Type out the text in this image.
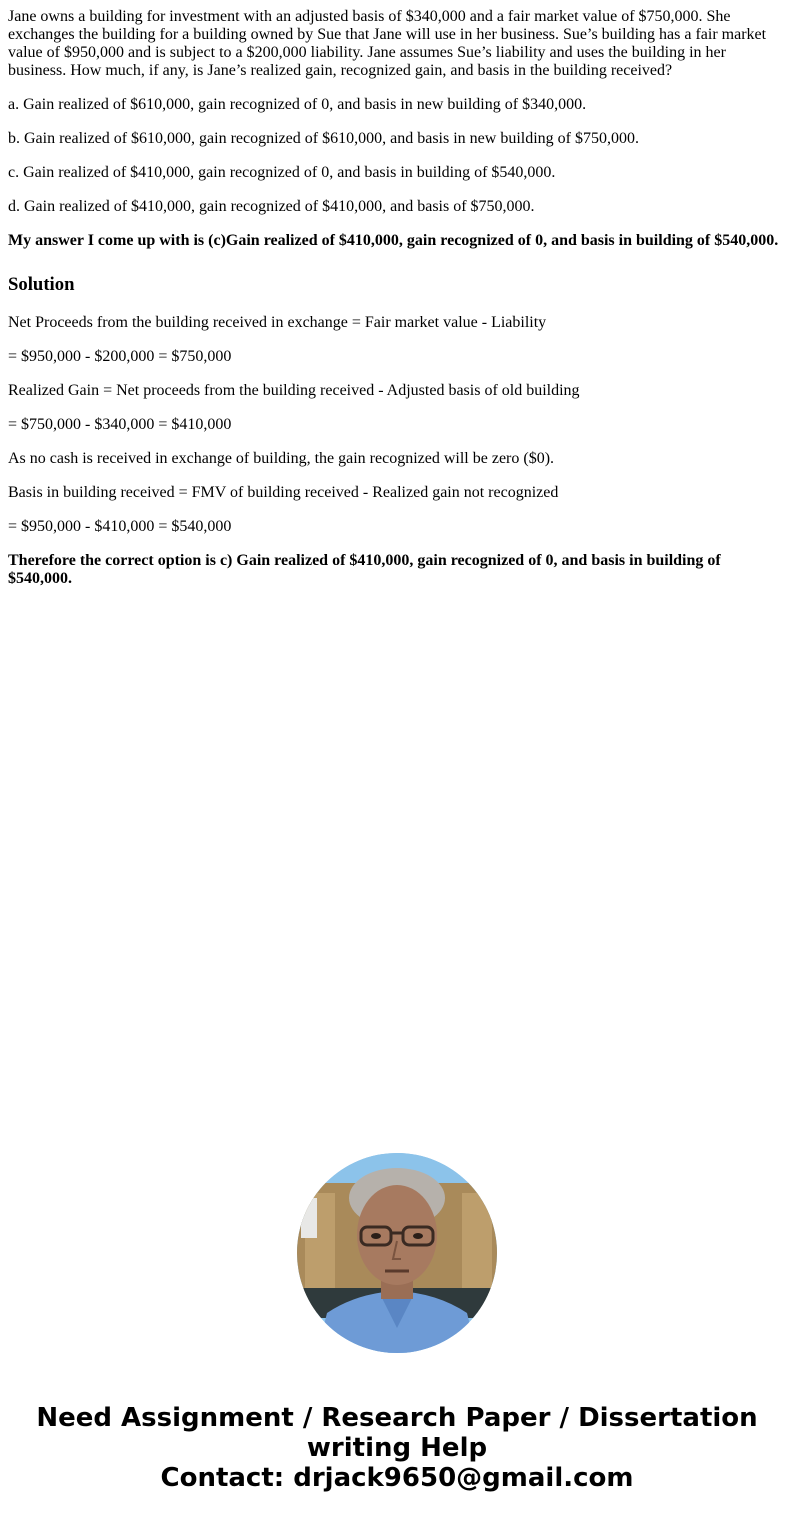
Jane owns a building for investment with an adjusted basis of $340,000 and a fair market value of $750,000. She exchanges the building for a building owned by Sue that Jane will use in her business. Sue’s building has a fair market value of $950,000 and is subject to a $200,000 liability. Jane assumes Sue’s liability and uses the building in her business. How much, if any, is Jane’s realized gain, recognized gain, and basis in the building received?

a. Gain realized of $610,000, gain recognized of 0, and basis in new building of $340,000.

b. Gain realized of $610,000, gain recognized of $610,000, and basis in new building of $750,000.

c. Gain realized of $410,000, gain recognized of 0, and basis in building of $540,000.

d. Gain realized of $410,000, gain recognized of $410,000, and basis of $750,000.

My answer I come up with is (c)Gain realized of $410,000, gain recognized of 0, and basis in building of $540,000.

Solution

Net Proceeds from the building received in exchange = Fair market value - Liability

= $950,000 - $200,000 = $750,000

Realized Gain = Net proceeds from the building received - Adjusted basis of old building

= $750,000 - $340,000 = $410,000

As no cash is received in exchange of building, the gain recognized will be zero ($0).

Basis in building received = FMV of building received - Realized gain not recognized

= $950,000 - $410,000 = $540,000

Therefore the correct option is c) Gain realized of $410,000, gain recognized of 0, and basis in building of $540,000.

Need Assignment / Research Paper / Dissertation
writing Help
Contact: drjack9650@gmail.com
